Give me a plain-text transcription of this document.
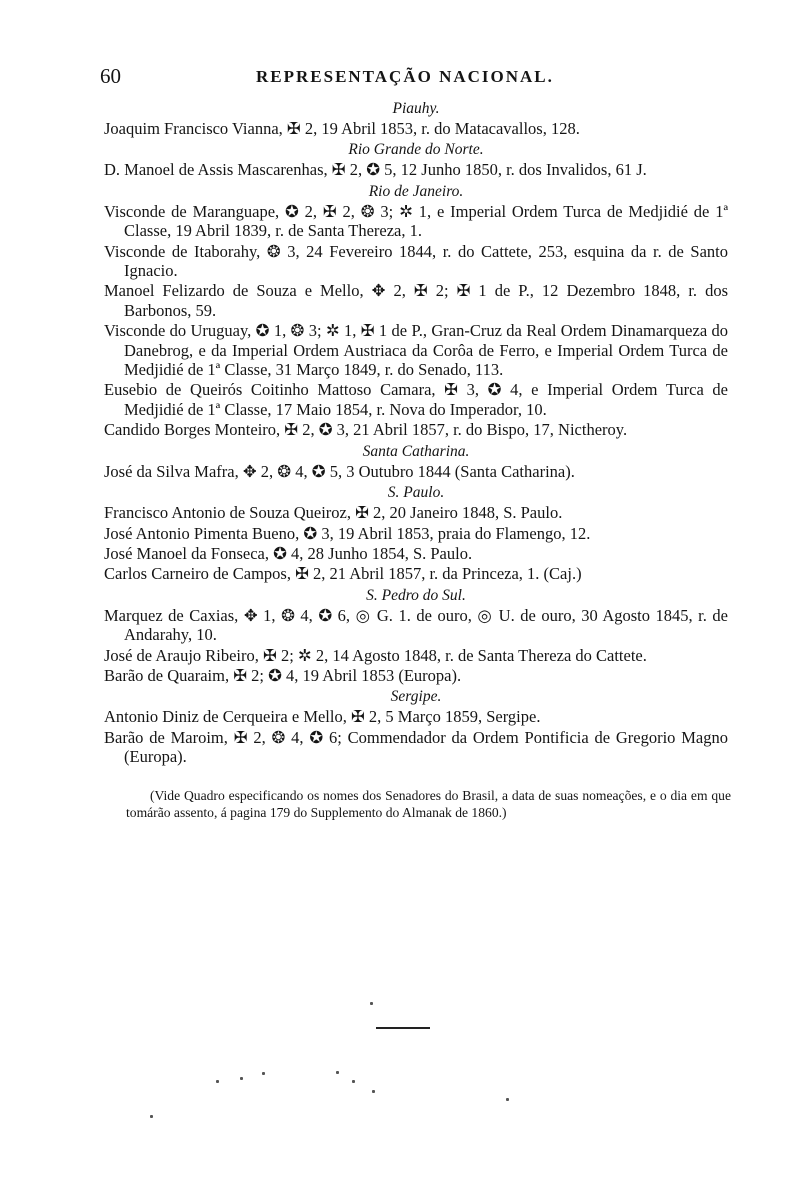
60	REPRESENTAÇÃO NACIONAL.
Piauhy.
Joaquim Francisco Vianna, ✠ 2, 19 Abril 1853, r. do Matacavallos, 128.
Rio Grande do Norte.
D. Manoel de Assis Mascarenhas, ✠ 2, ✪ 5, 12 Junho 1850, r. dos Invalidos, 61 J.
Rio de Janeiro.
Visconde de Maranguape, ✪ 2, ✠ 2, ❂ 3; ✲ 1, e Imperial Ordem Turca de Medjidié de 1ª Classe, 19 Abril 1839, r. de Santa Thereza, 1.
Visconde de Itaborahy, ❂ 3, 24 Fevereiro 1844, r. do Cattete, 253, esquina da r. de Santo Ignacio.
Manoel Felizardo de Souza e Mello, ✥ 2, ✠ 2; ✠ 1 de P., 12 Dezembro 1848, r. dos Barbonos, 59.
Visconde do Uruguay, ✪ 1, ❂ 3; ✲ 1, ✠ 1 de P., Gran-Cruz da Real Ordem Dinamarqueza do Danebrog, e da Imperial Ordem Austriaca da Corôa de Ferro, e Imperial Ordem Turca de Medjidié de 1ª Classe, 31 Março 1849, r. do Senado, 113.
Eusebio de Queirós Coitinho Mattoso Camara, ✠ 3, ✪ 4, e Imperial Ordem Turca de Medjidié de 1ª Classe, 17 Maio 1854, r. Nova do Imperador, 10.
Candido Borges Monteiro, ✠ 2, ✪ 3, 21 Abril 1857, r. do Bispo, 17, Nictheroy.
Santa Catharina.
José da Silva Mafra, ✥ 2, ❂ 4, ✪ 5, 3 Outubro 1844 (Santa Catharina).
S. Paulo.
Francisco Antonio de Souza Queiroz, ✠ 2, 20 Janeiro 1848, S. Paulo.
José Antonio Pimenta Bueno, ✪ 3, 19 Abril 1853, praia do Flamengo, 12.
José Manoel da Fonseca, ✪ 4, 28 Junho 1854, S. Paulo.
Carlos Carneiro de Campos, ✠ 2, 21 Abril 1857, r. da Princeza, 1. (Caj.)
S. Pedro do Sul.
Marquez de Caxias, ✥ 1, ❂ 4, ✪ 6, ◎ G. 1. de ouro, ◎ U. de ouro, 30 Agosto 1845, r. de Andarahy, 10.
José de Araujo Ribeiro, ✠ 2; ✲ 2, 14 Agosto 1848, r. de Santa Thereza do Cattete.
Barão de Quaraim, ✠ 2; ✪ 4, 19 Abril 1853 (Europa).
Sergipe.
Antonio Diniz de Cerqueira e Mello, ✠ 2, 5 Março 1859, Sergipe.
Barão de Maroim, ✠ 2, ❂ 4, ✪ 6; Commendador da Ordem Pontificia de Gregorio Magno (Europa).
(Vide Quadro especificando os nomes dos Senadores do Brasil, a data de suas nomeações, e o dia em que tomárão assento, á pagina 179 do Supplemento do Almanak de 1860.)
